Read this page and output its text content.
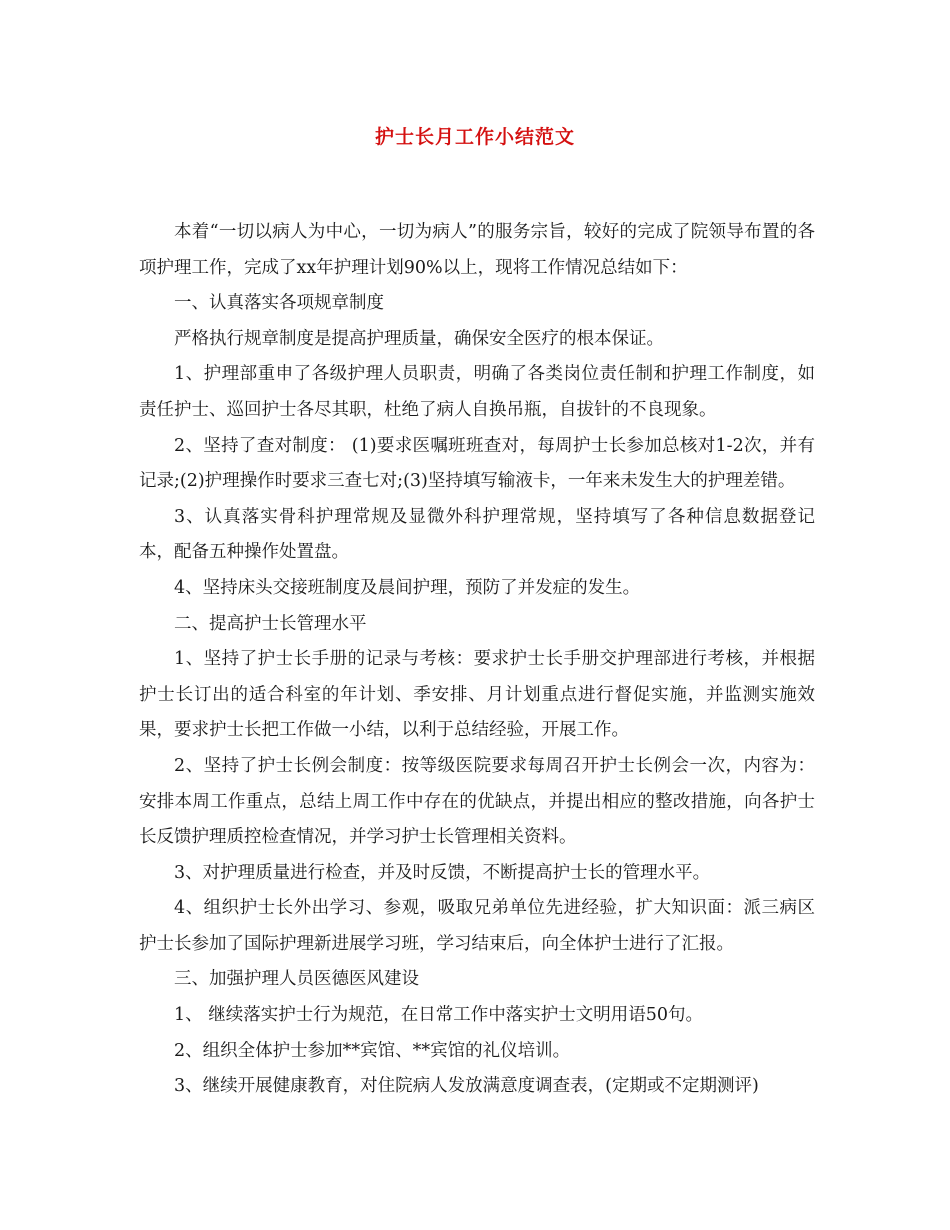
护士长月工作小结范文

本着“一切以病人为中心，一切为病人”的服务宗旨，较好的完成了院领导布置的各项护理工作，完成了xx年护理计划90%以上，现将工作情况总结如下：

一、认真落实各项规章制度

严格执行规章制度是提高护理质量，确保安全医疗的根本保证。

1、护理部重申了各级护理人员职责，明确了各类岗位责任制和护理工作制度，如责任护士、巡回护士各尽其职，杜绝了病人自换吊瓶，自拔针的不良现象。

2、坚持了查对制度： (1)要求医嘱班班查对，每周护士长参加总核对1-2次，并有记录;(2)护理操作时要求三查七对;(3)坚持填写输液卡，一年来未发生大的护理差错。

3、认真落实骨科护理常规及显微外科护理常规，坚持填写了各种信息数据登记本，配备五种操作处置盘。

4、坚持床头交接班制度及晨间护理，预防了并发症的发生。

二、提高护士长管理水平

1、坚持了护士长手册的记录与考核：要求护士长手册交护理部进行考核，并根据护士长订出的适合科室的年计划、季安排、月计划重点进行督促实施，并监测实施效果，要求护士长把工作做一小结，以利于总结经验，开展工作。

2、坚持了护士长例会制度：按等级医院要求每周召开护士长例会一次，内容为：安排本周工作重点，总结上周工作中存在的优缺点，并提出相应的整改措施，向各护士长反馈护理质控检查情况，并学习护士长管理相关资料。

3、对护理质量进行检查，并及时反馈，不断提高护士长的管理水平。

4、组织护士长外出学习、参观，吸取兄弟单位先进经验，扩大知识面：派三病区护士长参加了国际护理新进展学习班，学习结束后，向全体护士进行了汇报。

三、加强护理人员医德医风建设

1、 继续落实护士行为规范，在日常工作中落实护士文明用语50句。

2、组织全体护士参加**宾馆、**宾馆的礼仪培训。

3、继续开展健康教育，对住院病人发放满意度调查表，(定期或不定期测评)
